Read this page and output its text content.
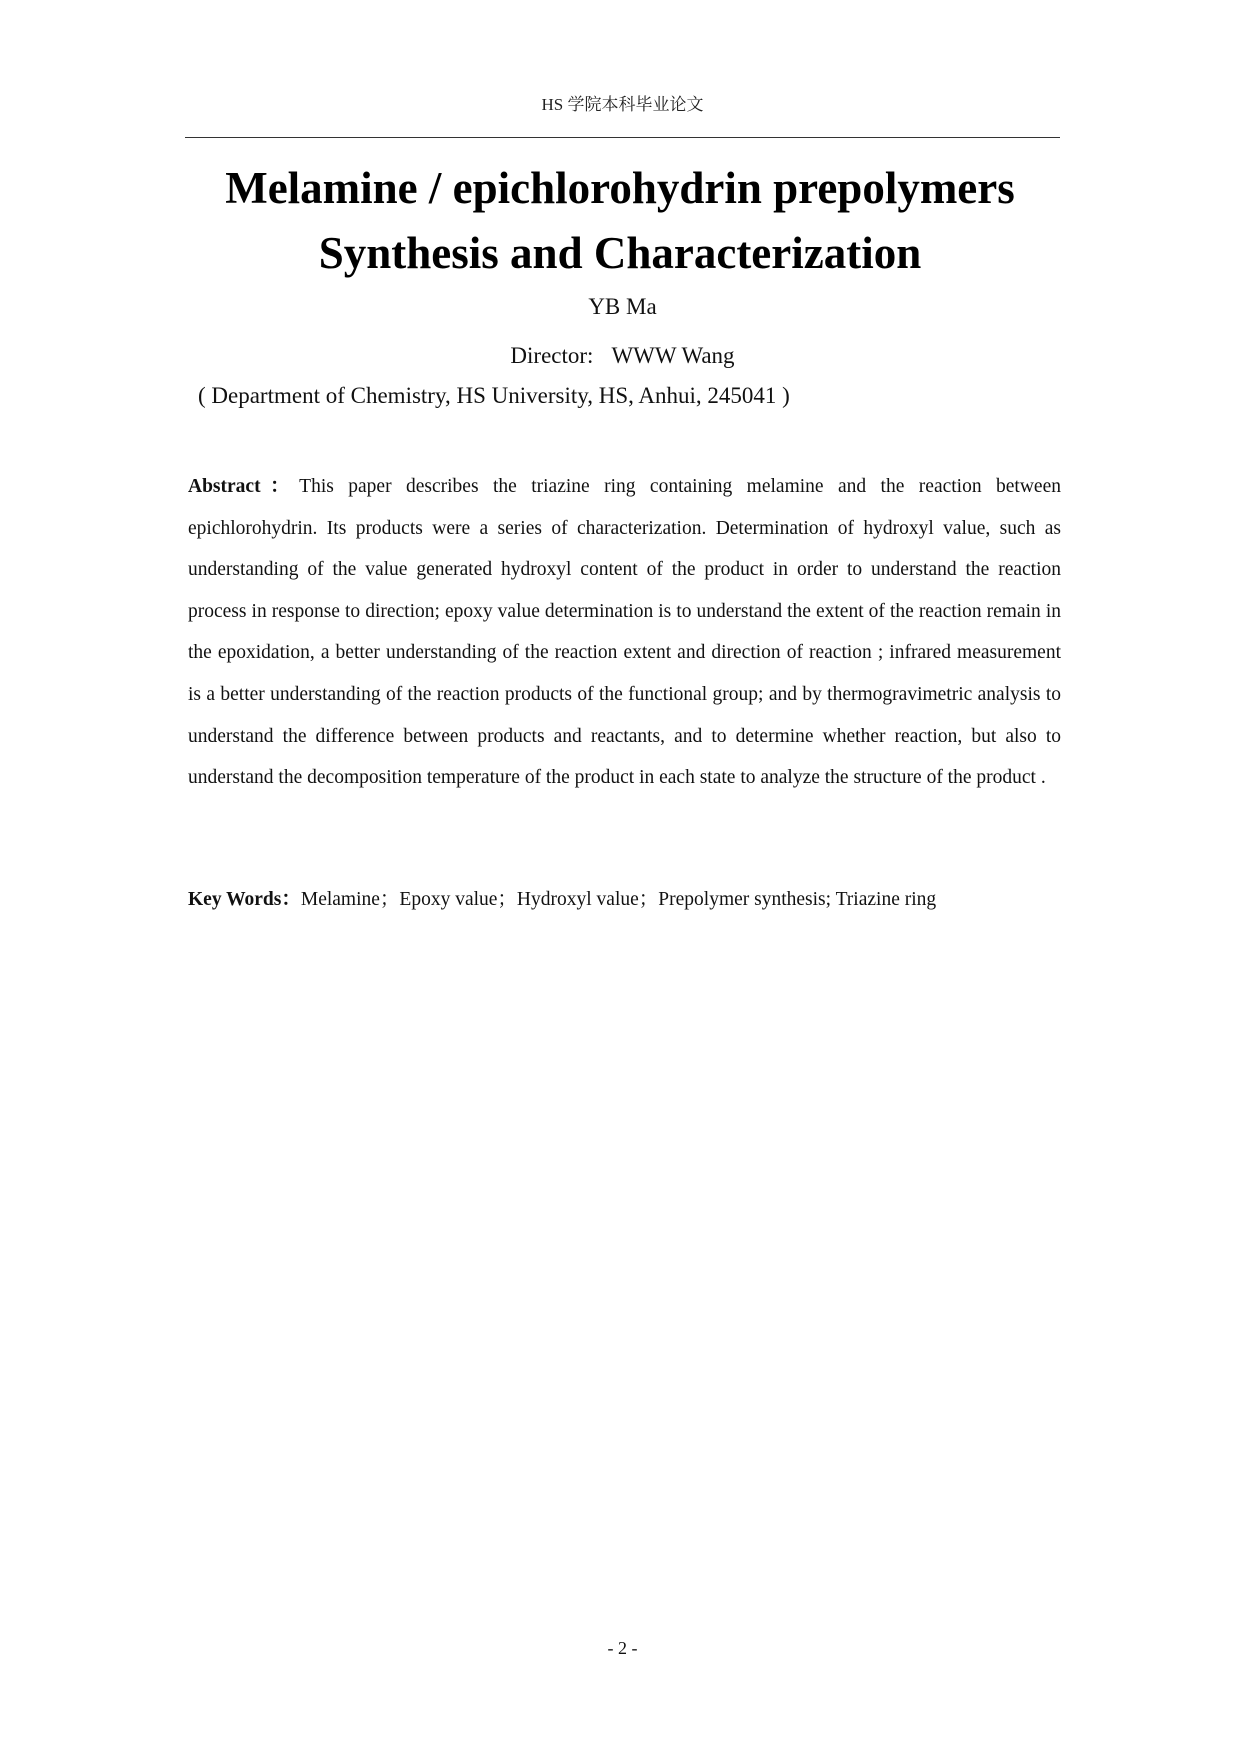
HS 学院本科毕业论文
Melamine / epichlorohydrin prepolymers
Synthesis and Characterization
YB Ma
Director: WWW Wang
( Department of Chemistry, HS University, HS, Anhui, 245041 )

Abstract：This paper describes the triazine ring containing melamine and the reaction between epichlorohydrin. Its products were a series of characterization. Determination of hydroxyl value, such as understanding of the value generated hydroxyl content of the product in order to understand the reaction process in response to direction; epoxy value determination is to understand the extent of the reaction remain in the epoxidation, a better understanding of the reaction extent and direction of reaction ; infrared measurement is a better understanding of the reaction products of the functional group; and by thermogravimetric analysis to understand the difference between products and reactants, and to determine whether reaction, but also to understand the decomposition temperature of the product in each state to analyze the structure of the product .

Key Words：Melamine；Epoxy value；Hydroxyl value；Prepolymer synthesis; Triazine ring
- 2 -
